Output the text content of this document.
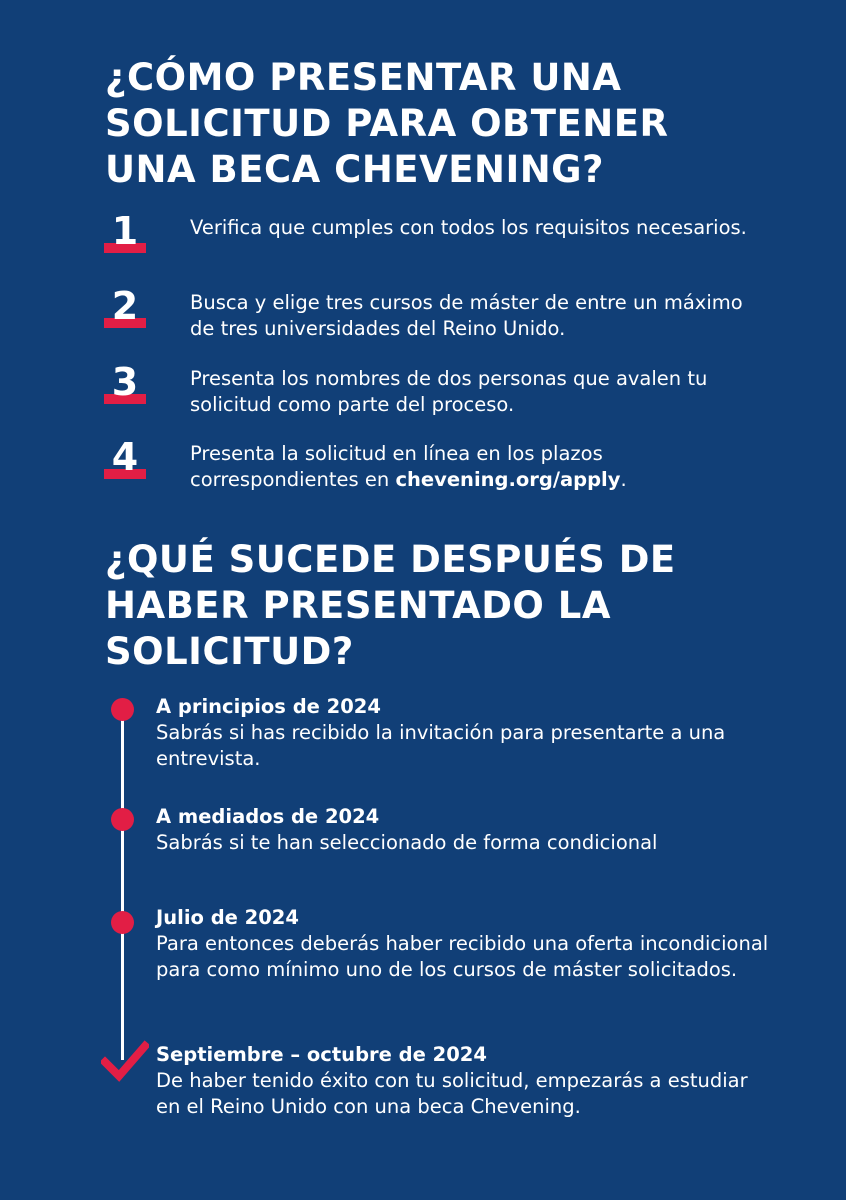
¿CÓMO PRESENTAR UNA SOLICITUD PARA OBTENER UNA BECA CHEVENING?
1	Verifica que cumples con todos los requisitos necesarios.
2	Busca y elige tres cursos de máster de entre un máximo de tres universidades del Reino Unido.
3	Presenta los nombres de dos personas que avalen tu solicitud como parte del proceso.
4	Presenta la solicitud en línea en los plazos correspondientes en chevening.org/apply.
¿QUÉ SUCEDE DESPUÉS DE HABER PRESENTADO LA SOLICITUD?
A principios de 2024
Sabrás si has recibido la invitación para presentarte a una entrevista.
A mediados de 2024
Sabrás si te han seleccionado de forma condicional
Julio de 2024
Para entonces deberás haber recibido una oferta incondicional para como mínimo uno de los cursos de máster solicitados.
Septiembre – octubre de 2024
De haber tenido éxito con tu solicitud, empezarás a estudiar en el Reino Unido con una beca Chevening.
